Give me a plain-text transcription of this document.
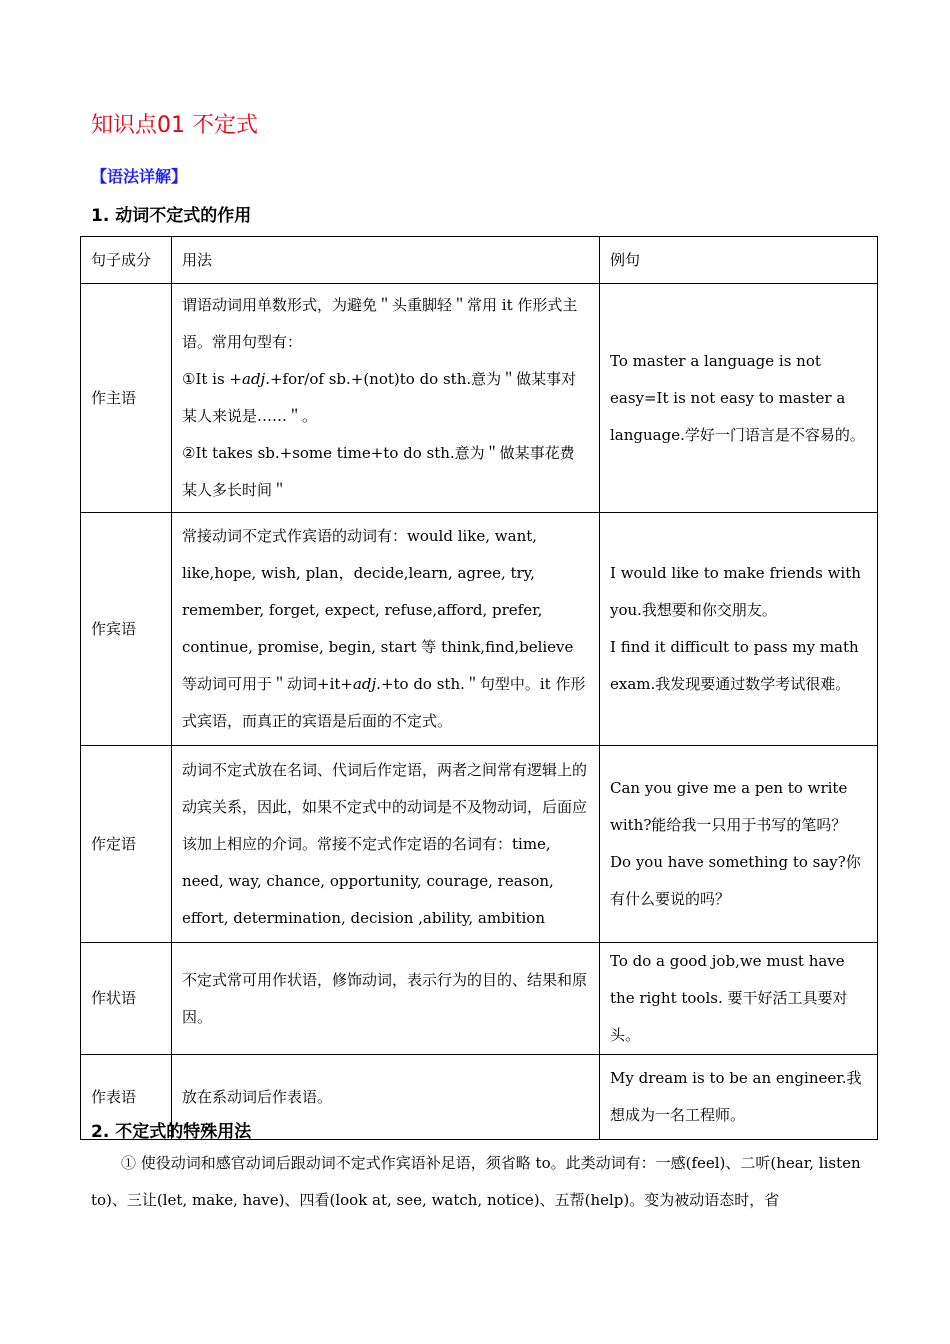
知识点01 不定式
【语法详解】
1. 动词不定式的作用
句子成分	用法	例句
作主语	谓语动词用单数形式，为避免＂头重脚轻＂常用 it 作形式主语。常用句型有：
①It is +adj.+for/of sb.+(not)to do sth.意为＂做某事对某人来说是……＂。
②It takes sb.+some time+to do sth.意为＂做某事花费某人多长时间＂	To master a language is not easy=It is not easy to master a language.学好一门语言是不容易的。

作宾语	常接动词不定式作宾语的动词有：would like, want, like,hope, wish, plan，decide,learn, agree, try, remember, forget, expect, refuse,afford, prefer, continue, promise, begin, start 等 think,find,believe 等动词可用于＂动词+it+adj.+to do sth.＂句型中。it 作形式宾语，而真正的宾语是后面的不定式。	I would like to make friends with you.我想要和你交朋友。
I find it difficult to pass my math exam.我发现要通过数学考试很难。

作定语	动词不定式放在名词、代词后作定语，两者之间常有逻辑上的动宾关系，因此，如果不定式中的动词是不及物动词，后面应该加上相应的介词。常接不定式作定语的名词有：time, need, way, chance, opportunity, courage, reason, effort, determination, decision ,ability, ambition	Can you give me a pen to write with?能给我一只用于书写的笔吗？
Do you have something to say?你有什么要说的吗？

作状语	不定式常可用作状语，修饰动词，表示行为的目的、结果和原因。	To do a good job,we must have the right tools. 要干好活工具要对头。

作表语	放在系动词后作表语。	My dream is to be an engineer.我想成为一名工程师。
2. 不定式的特殊用法
① 使役动词和感官动词后跟动词不定式作宾语补足语，须省略 to。此类动词有：一感(feel)、二听(hear, listen to)、三让(let, make, have)、四看(look at, see, watch, notice)、五帮(help)。变为被动语态时，省
